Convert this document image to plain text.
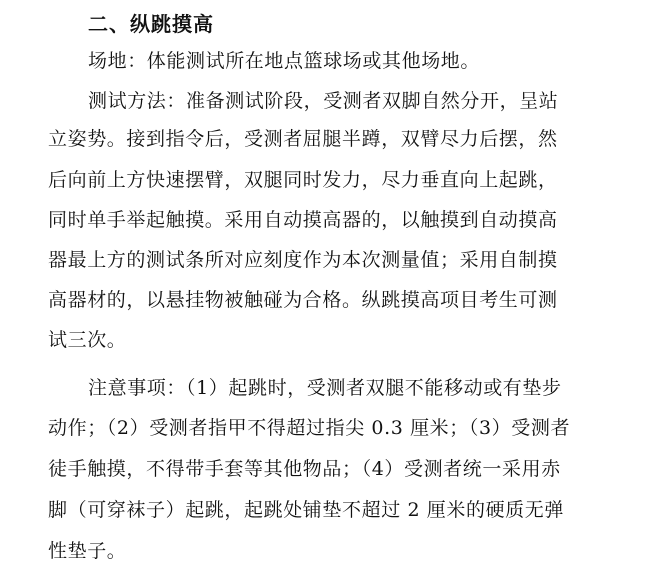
二、纵跳摸高
场地：体能测试所在地点篮球场或其他场地。
测试方法：准备测试阶段，受测者双脚自然分开，呈站
立姿势。接到指令后，受测者屈腿半蹲，双臂尽力后摆，然
后向前上方快速摆臂，双腿同时发力，尽力垂直向上起跳，
同时单手举起触摸。采用自动摸高器的，以触摸到自动摸高
器最上方的测试条所对应刻度作为本次测量值；采用自制摸
高器材的，以悬挂物被触碰为合格。纵跳摸高项目考生可测
试三次。
注意事项：（1）起跳时，受测者双腿不能移动或有垫步
动作；（2）受测者指甲不得超过指尖 0.3 厘米；（3）受测者
徒手触摸，不得带手套等其他物品；（4）受测者统一采用赤
脚（可穿袜子）起跳，起跳处铺垫不超过 2 厘米的硬质无弹
性垫子。
